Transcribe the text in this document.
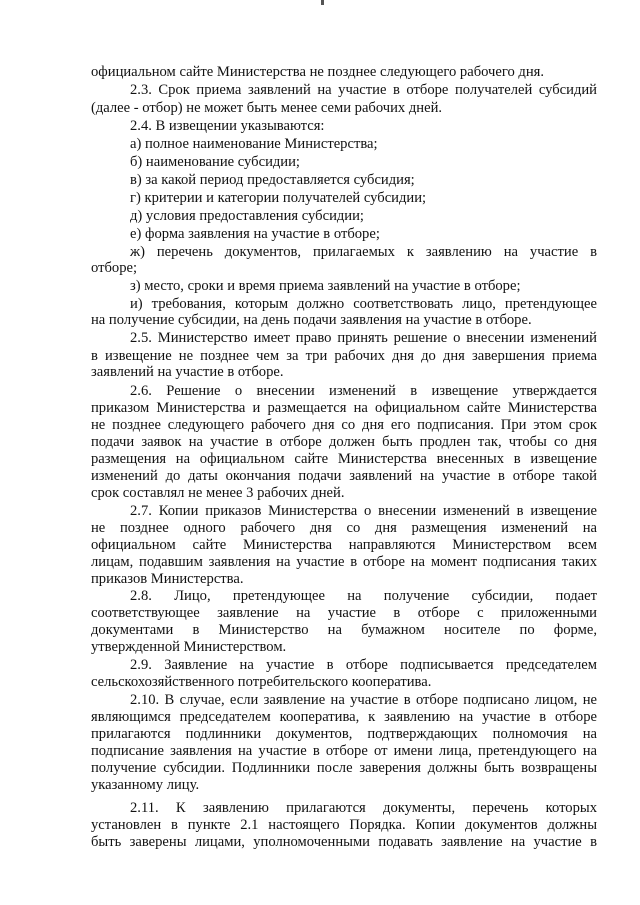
официальном сайте Министерства не позднее следующего рабочего дня.
2.3. Срок приема заявлений на участие в отборе получателей субсидий
(далее - отбор) не может быть менее семи рабочих дней.
2.4. В извещении указываются:
а) полное наименование Министерства;
б) наименование субсидии;
в) за какой период предоставляется субсидия;
г) критерии и категории получателей субсидии;
д) условия предоставления субсидии;
е) форма заявления на участие в отборе;
ж) перечень документов, прилагаемых к заявлению на участие в
отборе;
з) место, сроки и время приема заявлений на участие в отборе;
и) требования, которым должно соответствовать лицо, претендующее
на получение субсидии, на день подачи заявления на участие в отборе.
2.5. Министерство имеет право принять решение о внесении изменений
в извещение не позднее чем за три рабочих дня до дня завершения приема
заявлений на участие в отборе.
2.6. Решение о внесении изменений в извещение утверждается
приказом Министерства и размещается на официальном сайте Министерства
не позднее следующего рабочего дня со дня его подписания. При этом срок
подачи заявок на участие в отборе должен быть продлен так, чтобы со дня
размещения на официальном сайте Министерства внесенных в извещение
изменений до даты окончания подачи заявлений на участие в отборе такой
срок составлял не менее 3 рабочих дней.
2.7. Копии приказов Министерства о внесении изменений в извещение
не позднее одного рабочего дня со дня размещения изменений на
официальном сайте Министерства направляются Министерством всем
лицам, подавшим заявления на участие в отборе на момент подписания таких
приказов Министерства.
2.8. Лицо, претендующее на получение субсидии, подает
соответствующее заявление на участие в отборе с приложенными
документами в Министерство на бумажном носителе по форме,
утвержденной Министерством.
2.9. Заявление на участие в отборе подписывается председателем
сельскохозяйственного потребительского кооператива.
2.10. В случае, если заявление на участие в отборе подписано лицом, не
являющимся председателем кооператива, к заявлению на участие в отборе
прилагаются подлинники документов, подтверждающих полномочия на
подписание заявления на участие в отборе от имени лица, претендующего на
получение субсидии. Подлинники после заверения должны быть возвращены
указанному лицу.
2.11. К заявлению прилагаются документы, перечень которых
установлен в пункте 2.1 настоящего Порядка. Копии документов должны
быть заверены лицами, уполномоченными подавать заявление на участие в
